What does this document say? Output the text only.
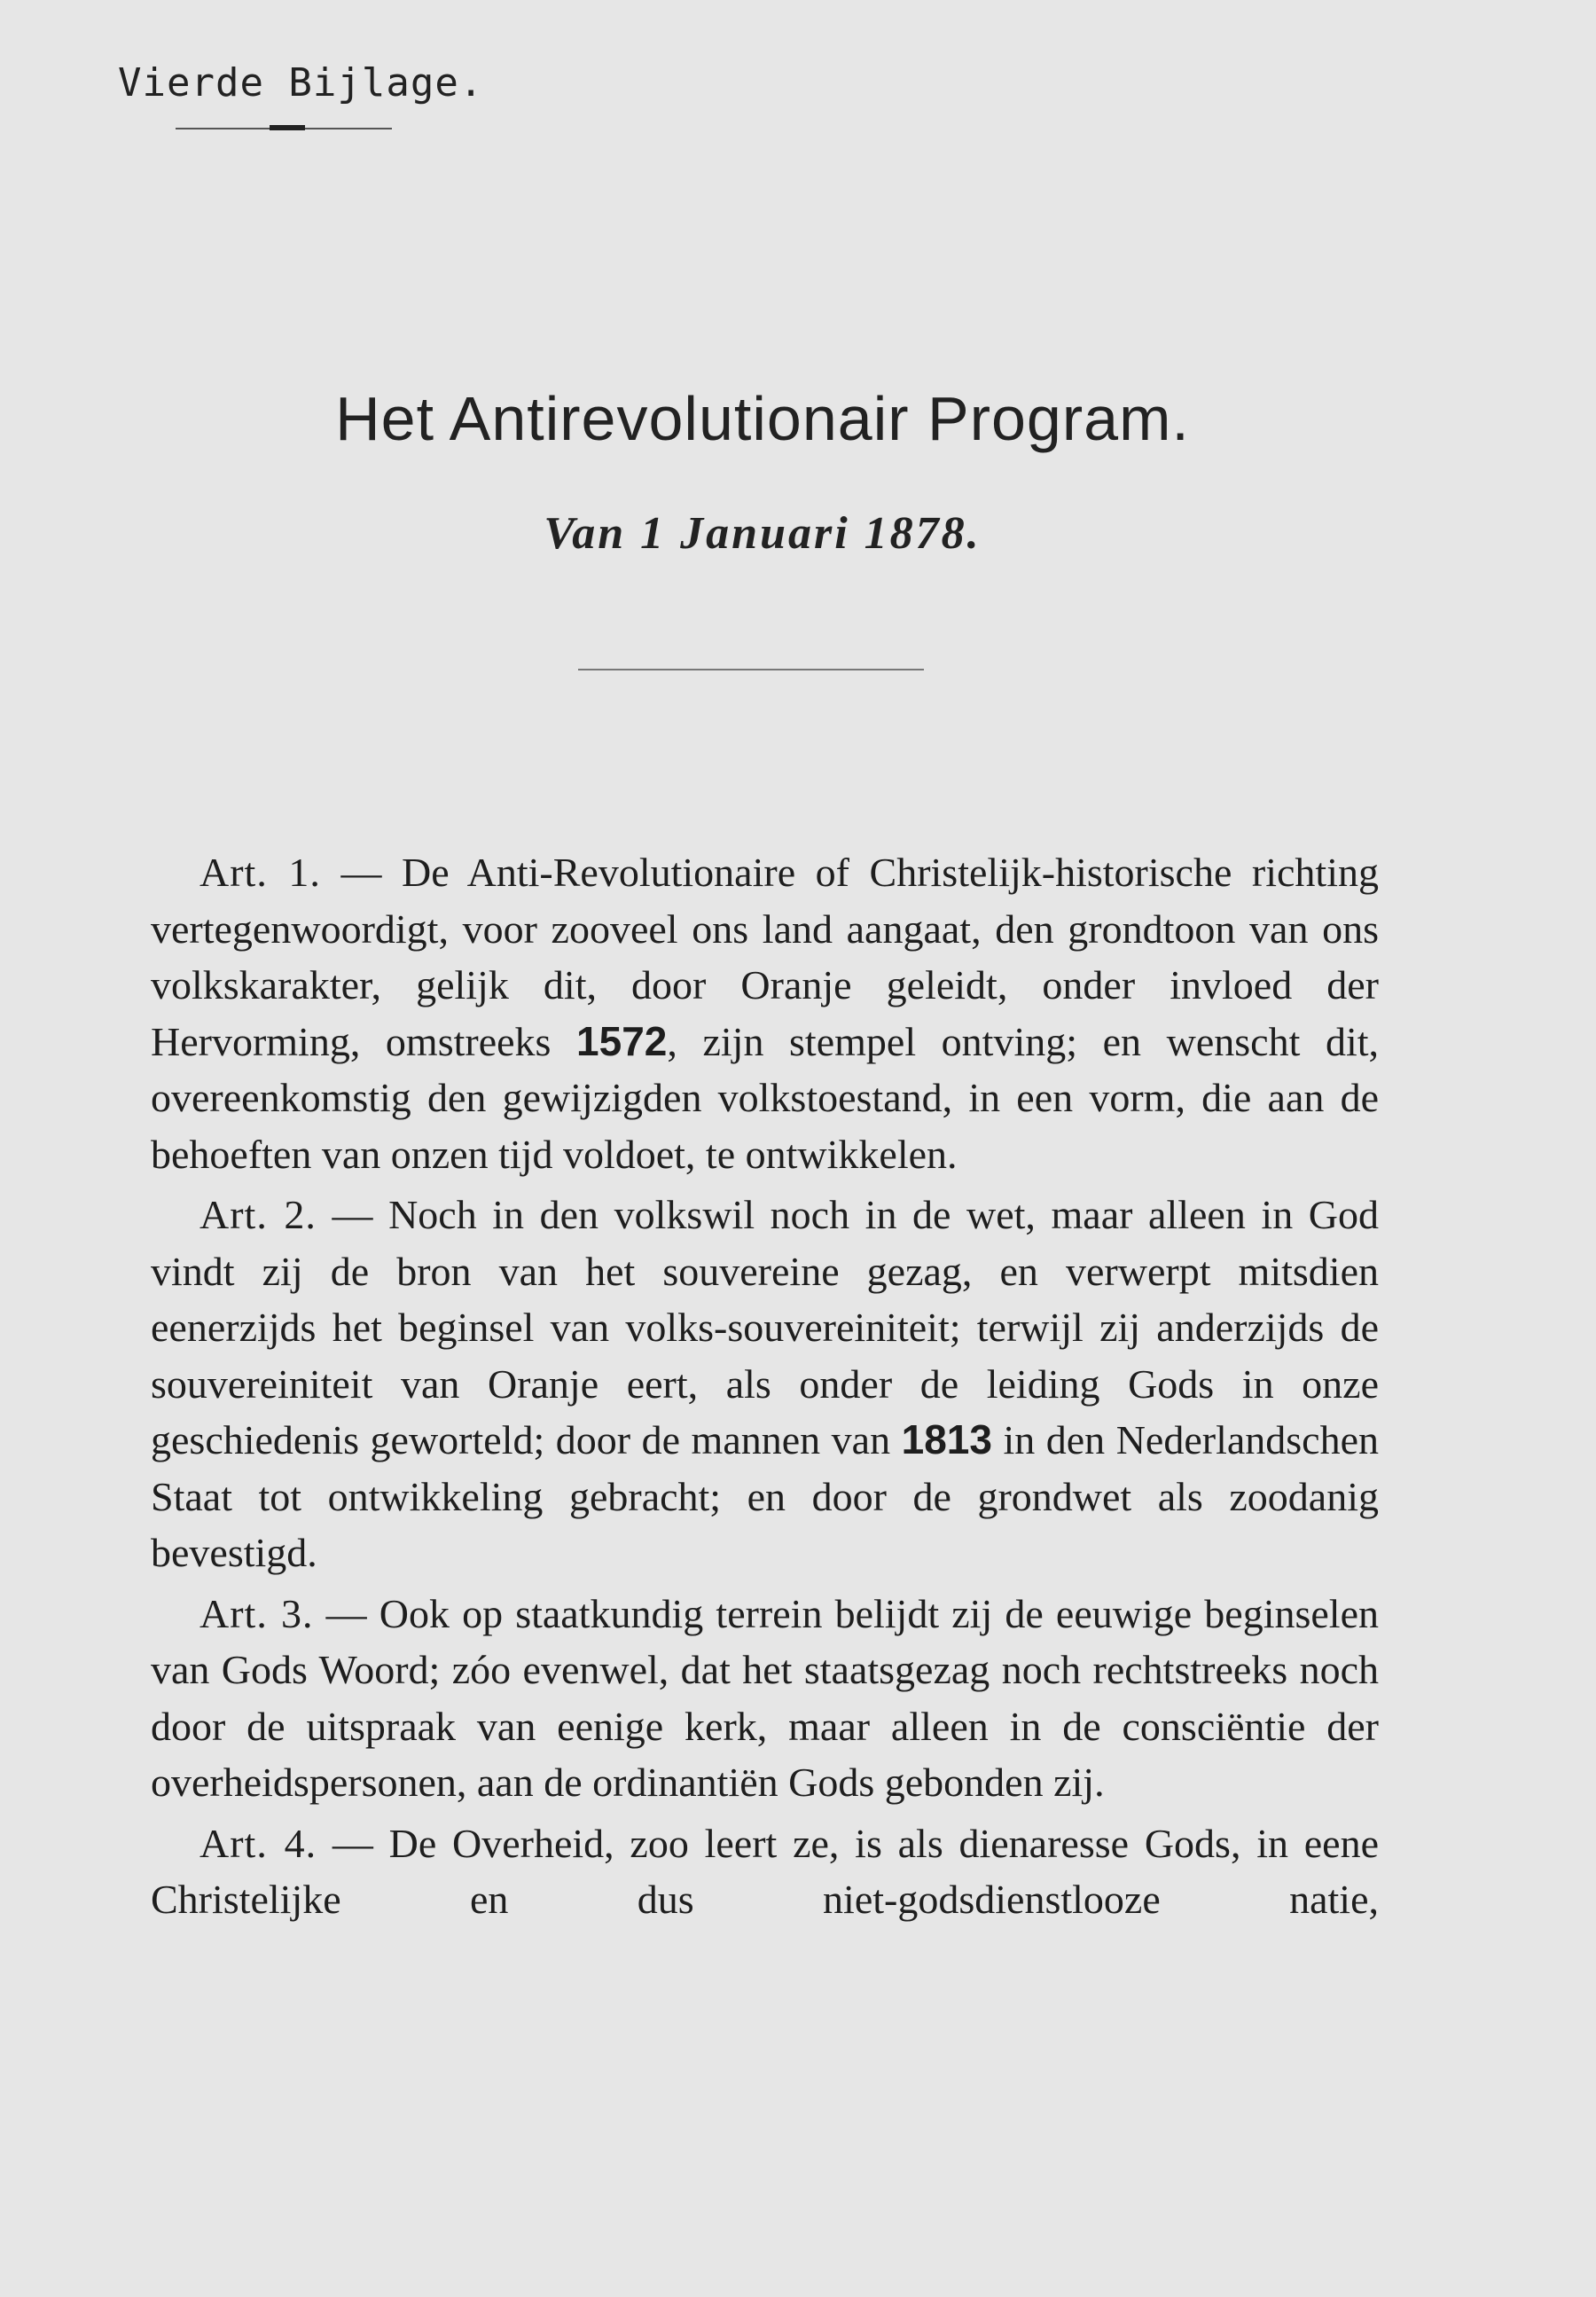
Vierde Bijlage.
Het Antirevolutionair Program.
Van 1 Januari 1878.

Art. 1. — De Anti-Revolutionaire of Christelijk-historische richting vertegenwoordigt, voor zooveel ons land aangaat, den grondtoon van ons volkskarakter, gelijk dit, door Oranje geleidt, onder invloed der Hervorming, omstreeks 1572, zijn stempel ontving; en wenscht dit, overeenkomstig den gewijzigden volkstoestand, in een vorm, die aan de behoeften van onzen tijd voldoet, te ontwikkelen.

Art. 2. — Noch in den volkswil noch in de wet, maar alleen in God vindt zij de bron van het souvereine gezag, en verwerpt mitsdien eenerzijds het beginsel van volks-souvereiniteit; terwijl zij anderzijds de souvereiniteit van Oranje eert, als onder de leiding Gods in onze geschiedenis geworteld; door de mannen van 1813 in den Nederlandschen Staat tot ontwikkeling gebracht; en door de grondwet als zoodanig bevestigd.

Art. 3. — Ook op staatkundig terrein belijdt zij de eeuwige beginselen van Gods Woord; zóo evenwel, dat het staatsgezag noch rechtstreeks noch door de uitspraak van eenige kerk, maar alleen in de consciëntie der overheidspersonen, aan de ordinantiën Gods gebonden zij.

Art. 4. — De Overheid, zoo leert ze, is als dienaresse Gods, in eene Christelijke en dus niet-godsdienstlooze natie,
